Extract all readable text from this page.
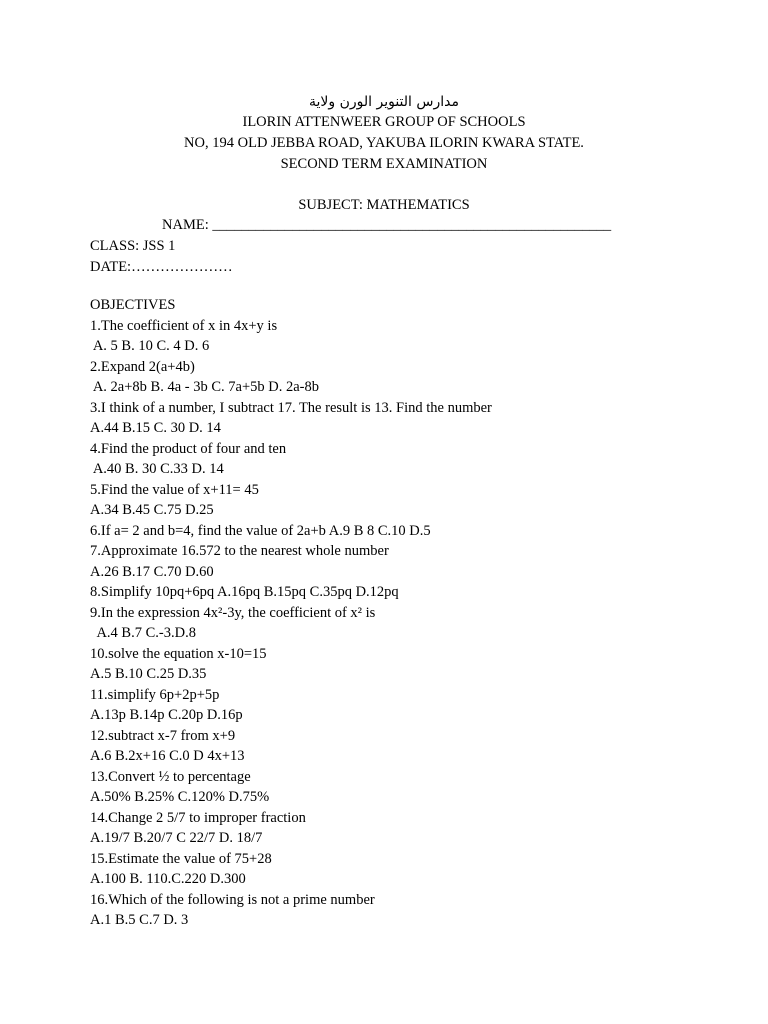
مدارس التنوير الورن ولاية
ILORIN ATTENWEER GROUP OF SCHOOLS
NO, 194 OLD JEBBA ROAD, YAKUBA ILORIN KWARA STATE.
SECOND TERM EXAMINATION
SUBJECT: MATHEMATICS
NAME: _______________________________________________________
CLASS: JSS 1
DATE:…………………
OBJECTIVES
1.The coefficient of x in 4x+y is
A. 5 B. 10 C. 4 D. 6
2.Expand 2(a+4b)
A. 2a+8b B. 4a - 3b C. 7a+5b D. 2a-8b
3.I think of a number, I subtract 17. The result is 13. Find the number
A.44 B.15 C. 30 D. 14
4.Find the product of four and ten
A.40 B. 30 C.33 D. 14
5.Find the value of x+11= 45
A.34 B.45 C.75 D.25
6.If a= 2 and b=4, find the value of 2a+b A.9 B 8 C.10 D.5
7.Approximate 16.572 to the nearest whole number
A.26 B.17 C.70 D.60
8.Simplify 10pq+6pq A.16pq B.15pq C.35pq D.12pq
9.In the expression 4x²-3y, the coefficient of x² is
A.4 B.7 C.-3.D.8
10.solve the equation x-10=15
A.5 B.10 C.25 D.35
11.simplify 6p+2p+5p
A.13p B.14p C.20p D.16p
12.subtract x-7 from x+9
A.6 B.2x+16 C.0 D 4x+13
13.Convert ½ to percentage
A.50% B.25% C.120% D.75%
14.Change 2 5/7 to improper fraction
A.19/7 B.20/7 C 22/7 D. 18/7
15.Estimate the value of 75+28
A.100 B. 110.C.220 D.300
16.Which of the following is not a prime number
A.1 B.5 C.7 D. 3
